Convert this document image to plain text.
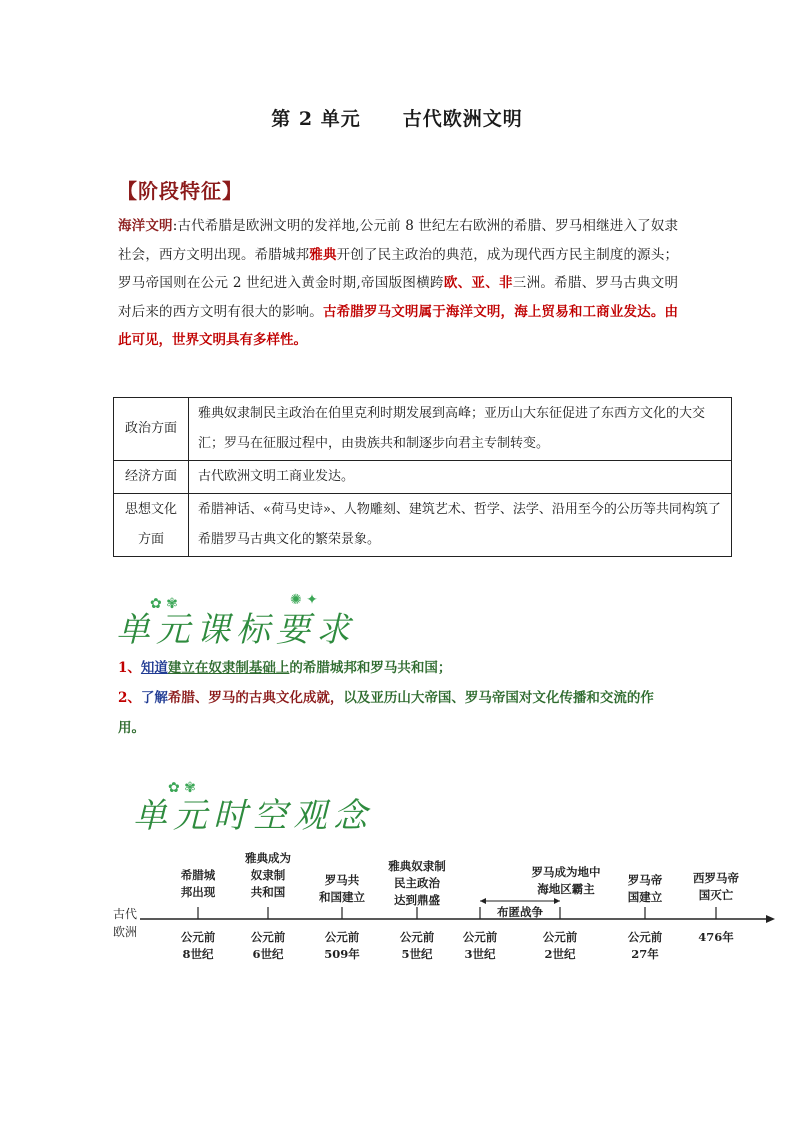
第 2 单元 古代欧洲文明
【阶段特征】
海洋文明:古代希腊是欧洲文明的发祥地,公元前 8 世纪左右欧洲的希腊、罗马相继进入了奴隶社会，西方文明出现。希腊城邦雅典开创了民主政治的典范，成为现代西方民主制度的源头；罗马帝国则在公元 2 世纪进入黄金时期,帝国版图横跨欧、亚、非三洲。希腊、罗马古典文明对后来的西方文明有很大的影响。古希腊罗马文明属于海洋文明，海上贸易和工商业发达。由此可见，世界文明具有多样性。
政治方面	雅典奴隶制民主政治在伯里克利时期发展到高峰；亚历山大东征促进了东西方文化的大交汇；罗马在征服过程中，由贵族共和制逐步向君主专制转变。
经济方面	古代欧洲文明工商业发达。
思想文化方面	希腊神话、«荷马史诗»、人物雕刻、建筑艺术、哲学、法学、沿用至今的公历等共同构筑了希腊罗马古典文化的繁荣景象。
✿ ✾	✺ ✦
单元课标要求
1、知道建立在奴隶制基础上的希腊城邦和罗马共和国；
2、了解希腊、罗马的古典文化成就，以及亚历山大帝国、罗马帝国对文化传播和交流的作用。
✿ ✾
单元时空观念
古代
欧洲
布匿战争
希腊城
邦出现
公元前
8世纪
雅典成为
奴隶制
共和国
公元前
6世纪
罗马共
和国建立
公元前
509年
雅典奴隶制
民主政治
达到鼎盛
公元前
5世纪
公元前
3世纪
罗马成为地中
海地区霸主
公元前
2世纪
罗马帝
国建立
公元前
27年
西罗马帝
国灭亡
476年
